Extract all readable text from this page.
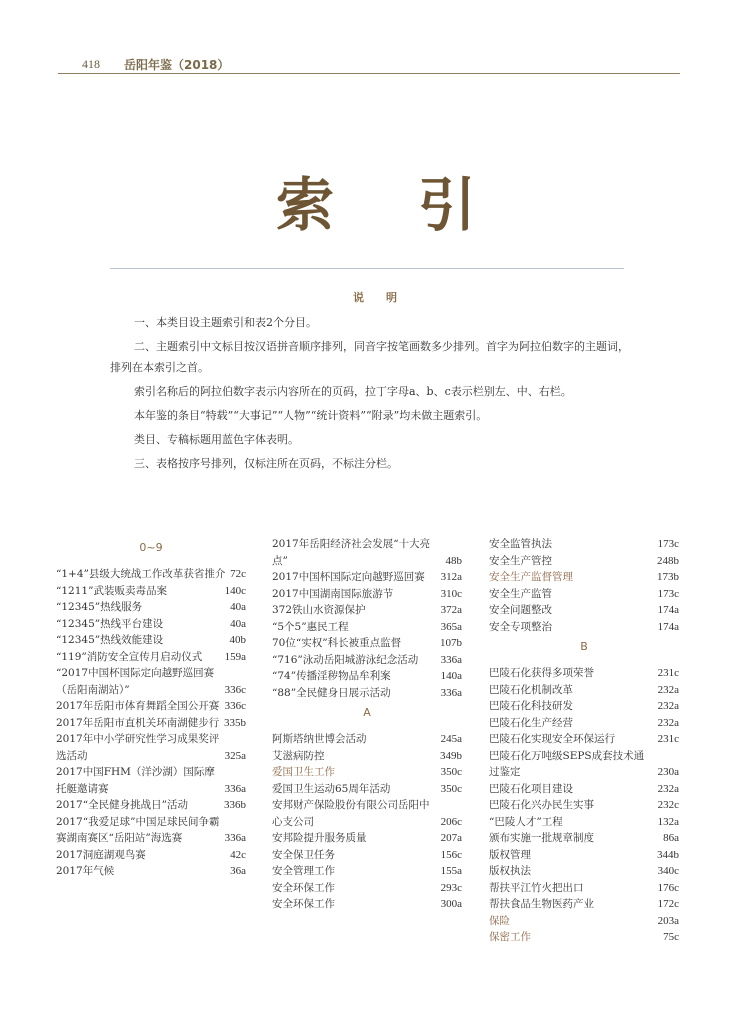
418 岳阳年鉴（2018）
索 引
说明

一、本类目设主题索引和表2个分目。

二、主题索引中文标目按汉语拼音顺序排列，同音字按笔画数多少排列。首字为阿拉伯数字的主题词，排列在本索引之首。

索引名称后的阿拉伯数字表示内容所在的页码，拉丁字母a、b、c表示栏别左、中、右栏。

本年鉴的条目“特载”“大事记”“人物”“统计资料”“附录”均未做主题索引。

类目、专稿标题用蓝色字体表明。

三、表格按序号排列，仅标注所在页码，不标注分栏。

0~9
“1+4”县级大统战工作改革获省推介 72c
“1211”武装贩卖毒品案	140c
“12345”热线服务	40a
“12345”热线平台建设	40a
“12345”热线效能建设	40b
“119”消防安全宣传月启动仪式	159a
“2017中国杯国际定向越野巡回赛（岳阳南湖站）”	336c
2017年岳阳市体育舞蹈全国公开赛 336c
2017年岳阳市直机关环南湖健步行 335b
2017年中小学研究性学习成果奖评选活动	325a
2017中国FHM（洋沙湖）国际摩托艇邀请赛	336a
2017“全民健身挑战日”活动	336b
2017“我爱足球”中国足球民间争霸赛湖南赛区“岳阳站”海选赛	336a
2017洞庭湖观鸟赛	42c
2017年气候	36a
2017年岳阳经济社会发展“十大亮点”	48b
2017中国杯国际定向越野巡回赛	312a
2017中国湖南国际旅游节	310c
372铁山水资源保护	372a
“5个5”惠民工程	365a
70位“实权”科长被重点监督	107b
“716”泳动岳阳城游泳纪念活动	336a
“74”传播淫秽物品牟利案	140a
“88”全民健身日展示活动	336a
A
阿斯塔纳世博会活动	245a
艾滋病防控	349b
爱国卫生工作	350c
爱国卫生运动65周年活动	350c
安邦财产保险股份有限公司岳阳中心支公司	206c
安邦险提升服务质量	207a
安全保卫任务	156c
安全管理工作	155a
安全环保工作	293c
安全环保工作	300a
安全监管执法	173c
安全生产管控	248b
安全生产监督管理	173b
安全生产监管	173c
安全问题整改	174a
安全专项整治	174a
B
巴陵石化获得多项荣誉	231c
巴陵石化机制改革	232a
巴陵石化科技研发	232a
巴陵石化生产经营	232a
巴陵石化实现安全环保运行	231c
巴陵石化万吨级SEPS成套技术通过鉴定	230a
巴陵石化项目建设	232a
巴陵石化兴办民生实事	232c
“巴陵人才”工程	132a
颁布实施一批规章制度	86a
版权管理	344b
版权执法	340c
帮扶平江竹火把出口	176c
帮扶食品生物医药产业	172c
保险	203a
保密工作	75c
